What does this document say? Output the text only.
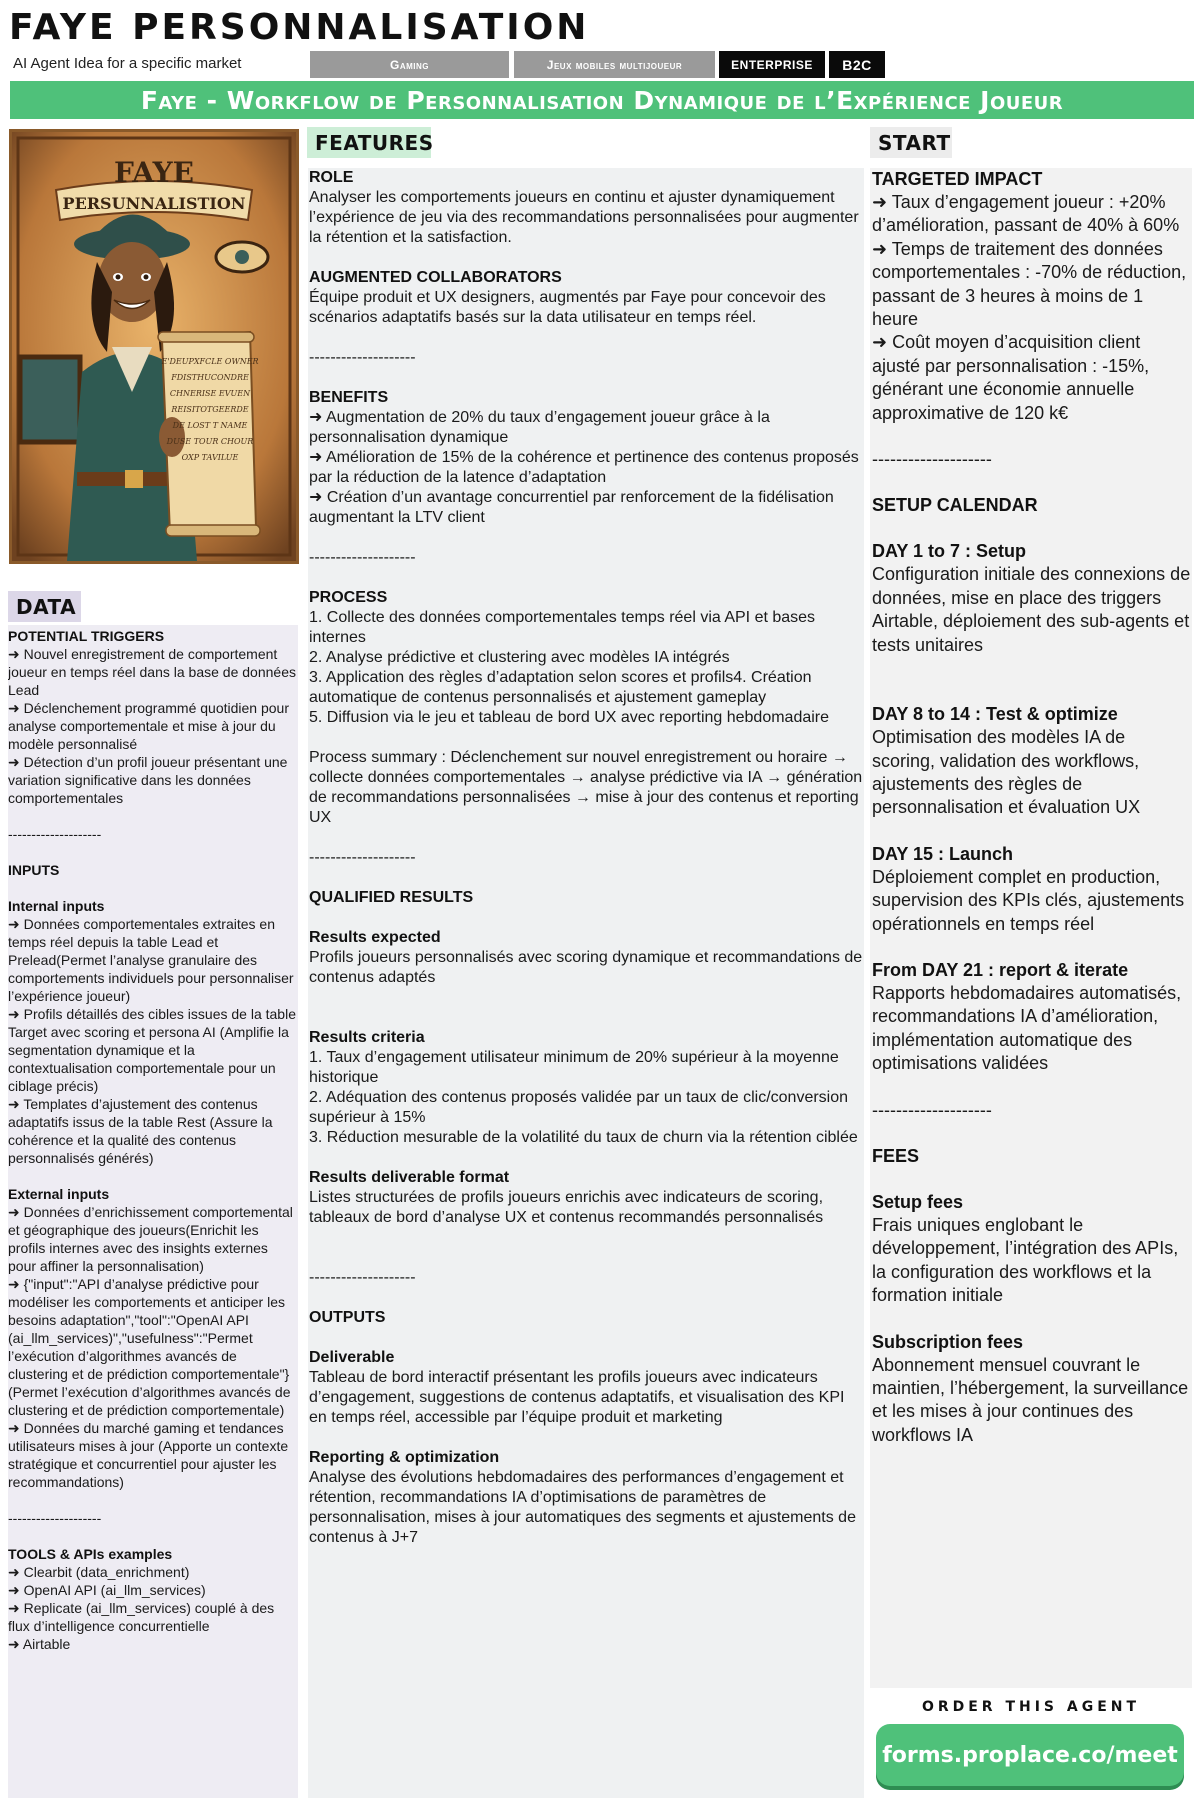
FAYE PERSONNALISATION
AI Agent Idea for a specific market	Gaming	Jeux mobiles multijoueur	ENTERPRISE	B2C
Faye - Workflow de Personnalisation Dynamique de l’Expérience Joueur
FAYE
PERSUNNALISTION
E'DEUPXFCLE OWNER
FDISTHUCONDRE
CHNERISE EVUEN
REISITOTGEERDE
DE LOST T NAME
DUSE TOUR CHOUR
OXP TAVILUE
FEATURES
DATA
START
POTENTIAL TRIGGERS

➜ Nouvel enregistrement de comportement joueur en temps réel dans la base de données Lead

➜ Déclenchement programmé quotidien pour analyse comportementale et mise à jour du modèle personnalisé

➜ Détection d’un profil joueur présentant une variation significative dans les données comportementales

--------------------

INPUTS
Internal inputs

➜ Données comportementales extraites en temps réel depuis la table Lead et Prelead(Permet l’analyse granulaire des comportements individuels pour personnaliser l’expérience joueur)

➜ Profils détaillés des cibles issues de la table Target avec scoring et persona AI (Amplifie la segmentation dynamique et la contextualisation comportementale pour un ciblage précis)

➜ Templates d’ajustement des contenus adaptatifs issus de la table Rest (Assure la cohérence et la qualité des contenus personnalisés générés)

External inputs

➜ Données d’enrichissement comportemental et géographique des joueurs(Enrichit les profils internes avec des insights externes pour affiner la personnalisation)

➜ {"input":"API d’analyse prédictive pour modéliser les comportements et anticiper les besoins adaptation","tool":"OpenAI API (ai_llm_services)","usefulness":"Permet l’exécution d’algorithmes avancés de clustering et de prédiction comportementale"} (Permet l’exécution d’algorithmes avancés de clustering et de prédiction comportementale)

➜ Données du marché gaming et tendances utilisateurs mises à jour (Apporte un contexte stratégique et concurrentiel pour ajuster les recommandations)

--------------------

TOOLS & APIs examples

➜ Clearbit (data_enrichment)

➜ OpenAI API (ai_llm_services)

➜ Replicate (ai_llm_services) couplé à des flux d’intelligence concurrentielle

➜ Airtable

ROLE

Analyser les comportements joueurs en continu et ajuster dynamiquement l’expérience de jeu via des recommandations personnalisées pour augmenter la rétention et la satisfaction.

AUGMENTED COLLABORATORS

Équipe produit et UX designers, augmentés par Faye pour concevoir des scénarios adaptatifs basés sur la data utilisateur en temps réel.

--------------------

BENEFITS

➜ Augmentation de 20% du taux d’engagement joueur grâce à la personnalisation dynamique

➜ Amélioration de 15% de la cohérence et pertinence des contenus proposés par la réduction de la latence d’adaptation

➜ Création d’un avantage concurrentiel par renforcement de la fidélisation augmentant la LTV client

--------------------

PROCESS

1. Collecte des données comportementales temps réel via API et bases internes

2. Analyse prédictive et clustering avec modèles IA intégrés

3. Application des règles d’adaptation selon scores et profils4. Création automatique de contenus personnalisés et ajustement gameplay

5. Diffusion via le jeu et tableau de bord UX avec reporting hebdomadaire

Process summary : Déclenchement sur nouvel enregistrement ou horaire → collecte données comportementales → analyse prédictive via IA → génération de recommandations personnalisées → mise à jour des contenus et reporting UX

--------------------

QUALIFIED RESULTS
Results expected

Profils joueurs personnalisés avec scoring dynamique et recommandations de contenus adaptés

Results criteria

1. Taux d’engagement utilisateur minimum de 20% supérieur à la moyenne historique

2. Adéquation des contenus proposés validée par un taux de clic/conversion supérieur à 15%

3. Réduction mesurable de la volatilité du taux de churn via la rétention ciblée

Results deliverable format

Listes structurées de profils joueurs enrichis avec indicateurs de scoring, tableaux de bord d’analyse UX et contenus recommandés personnalisés

--------------------

OUTPUTS
Deliverable

Tableau de bord interactif présentant les profils joueurs avec indicateurs d’engagement, suggestions de contenus adaptatifs, et visualisation des KPI en temps réel, accessible par l’équipe produit et marketing

Reporting & optimization

Analyse des évolutions hebdomadaires des performances d’engagement et rétention, recommandations IA d’optimisations de paramètres de personnalisation, mises à jour automatiques des segments et ajustements de contenus à J+7

TARGETED IMPACT

➜ Taux d’engagement joueur : +20% d’amélioration, passant de 40% à 60%

➜ Temps de traitement des données comportementales : -70% de réduction, passant de 3 heures à moins de 1 heure

➜ Coût moyen d’acquisition client ajusté par personnalisation : -15%, générant une économie annuelle approximative de 120 k€

--------------------

SETUP CALENDAR
DAY 1 to 7 : Setup

Configuration initiale des connexions de données, mise en place des triggers Airtable, déploiement des sub-agents et tests unitaires

DAY 8 to 14 : Test & optimize

Optimisation des modèles IA de scoring, validation des workflows, ajustements des règles de personnalisation et évaluation UX

DAY 15 : Launch

Déploiement complet en production, supervision des KPIs clés, ajustements opérationnels en temps réel

From DAY 21 : report & iterate

Rapports hebdomadaires automatisés, recommandations IA d’amélioration, implémentation automatique des optimisations validées

--------------------

FEES
Setup fees

Frais uniques englobant le développement, l’intégration des APIs, la configuration des workflows et la formation initiale

Subscription fees

Abonnement mensuel couvrant le maintien, l’hébergement, la surveillance et les mises à jour continues des workflows IA

ORDER THIS AGENT
forms.proplace.co/meet
